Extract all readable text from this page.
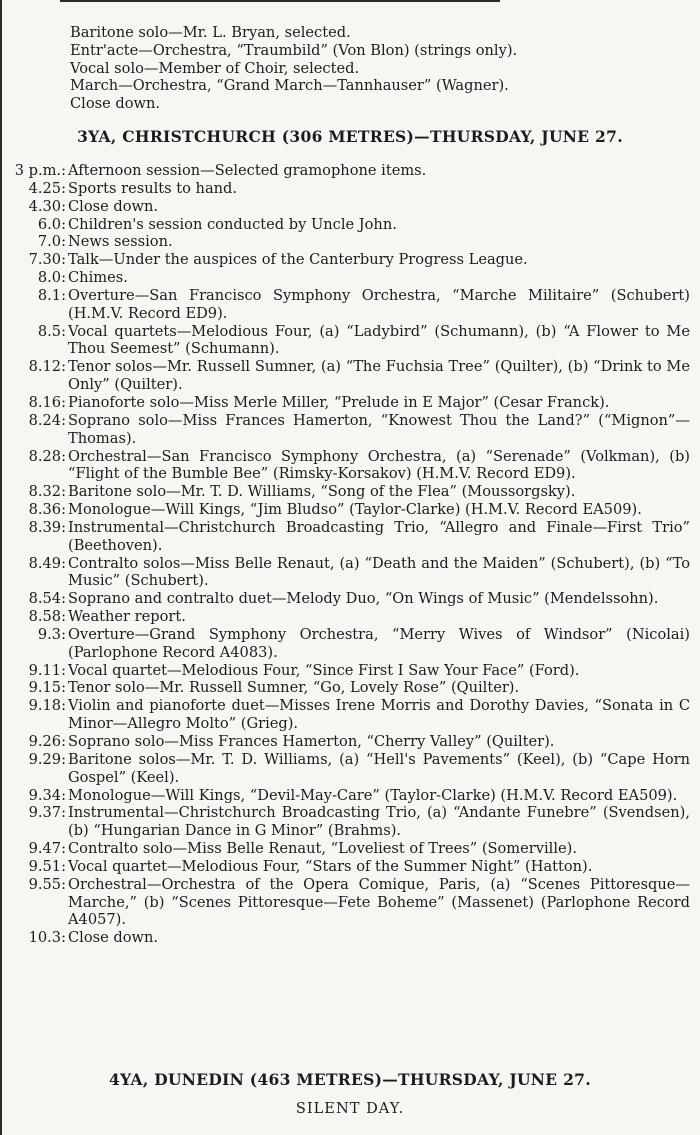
Baritone solo—Mr. L. Bryan, selected.
Entr'acte—Orchestra, “Traumbild” (Von Blon) (strings only).
Vocal solo—Member of Choir, selected.
March—Orchestra, “Grand March—Tannhauser” (Wagner).
Close down.
3YA, CHRISTCHURCH (306 METRES)—THURSDAY, JUNE 27.
3 p.m.: Afternoon session—Selected gramophone items.
4.25: Sports results to hand.
4.30: Close down.
6.0: Children's session conducted by Uncle John.
7.0: News session.
7.30: Talk—Under the auspices of the Canterbury Progress League.
8.0: Chimes.
8.1: Overture—San Francisco Symphony Orchestra, “Marche Militaire” (Schubert) (H.M.V. Record ED9).
8.5: Vocal quartets—Melodious Four, (a) “Ladybird” (Schumann), (b) “A Flower to Me Thou Seemest” (Schumann).
8.12: Tenor solos—Mr. Russell Sumner, (a) “The Fuchsia Tree” (Quilter), (b) “Drink to Me Only” (Quilter).
8.16: Pianoforte solo—Miss Merle Miller, “Prelude in E Major” (Cesar Franck).
8.24: Soprano solo—Miss Frances Hamerton, “Knowest Thou the Land?” (“Mignon”—Thomas).
8.28: Orchestral—San Francisco Symphony Orchestra, (a) “Serenade” (Volkman), (b) “Flight of the Bumble Bee” (Rimsky-Korsakov) (H.M.V. Record ED9).
8.32: Baritone solo—Mr. T. D. Williams, “Song of the Flea” (Moussorgsky).
8.36: Monologue—Will Kings, “Jim Bludso” (Taylor-Clarke) (H.M.V. Record EA509).
8.39: Instrumental—Christchurch Broadcasting Trio, “Allegro and Finale—First Trio” (Beethoven).
8.49: Contralto solos—Miss Belle Renaut, (a) “Death and the Maiden” (Schubert), (b) “To Music” (Schubert).
8.54: Soprano and contralto duet—Melody Duo, “On Wings of Music” (Mendelssohn).
8.58: Weather report.
9.3: Overture—Grand Symphony Orchestra, “Merry Wives of Windsor” (Nicolai) (Parlophone Record A4083).
9.11: Vocal quartet—Melodious Four, “Since First I Saw Your Face” (Ford).
9.15: Tenor solo—Mr. Russell Sumner, “Go, Lovely Rose” (Quilter).
9.18: Violin and pianoforte duet—Misses Irene Morris and Dorothy Davies, “Sonata in C Minor—Allegro Molto” (Grieg).
9.26: Soprano solo—Miss Frances Hamerton, “Cherry Valley” (Quilter).
9.29: Baritone solos—Mr. T. D. Williams, (a) “Hell's Pavements” (Keel), (b) “Cape Horn Gospel” (Keel).
9.34: Monologue—Will Kings, “Devil-May-Care” (Taylor-Clarke) (H.M.V. Record EA509).
9.37: Instrumental—Christchurch Broadcasting Trio, (a) “Andante Funebre” (Svendsen), (b) “Hungarian Dance in G Minor” (Brahms).
9.47: Contralto solo—Miss Belle Renaut, “Loveliest of Trees” (Somerville).
9.51: Vocal quartet—Melodious Four, “Stars of the Summer Night” (Hatton).
9.55: Orchestral—Orchestra of the Opera Comique, Paris, (a) “Scenes Pittoresque—Marche,” (b) “Scenes Pittoresque—Fete Boheme” (Massenet) (Parlophone Record A4057).
10.3: Close down.
4YA, DUNEDIN (463 METRES)—THURSDAY, JUNE 27.
SILENT DAY.
